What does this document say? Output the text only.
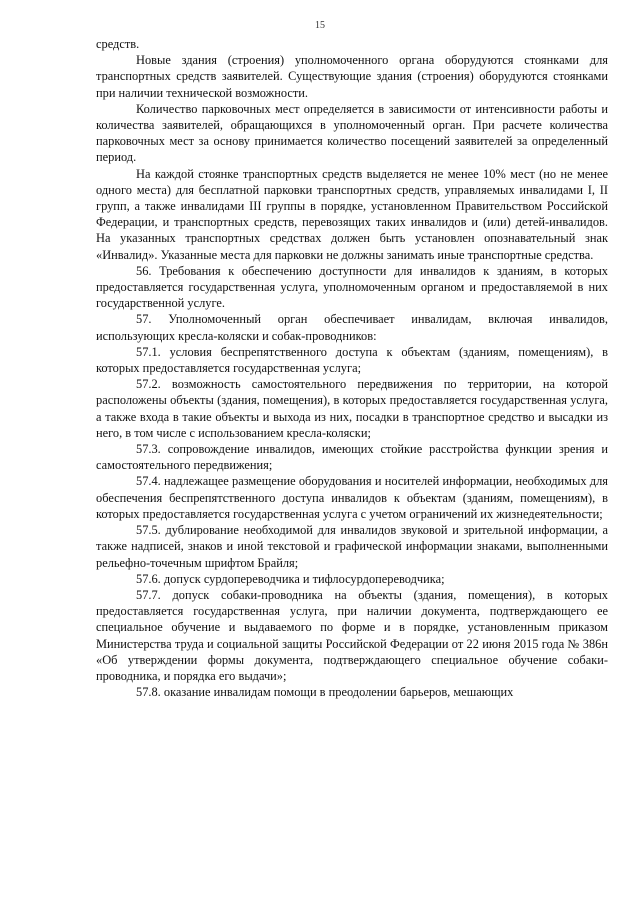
15

средств.

Новые здания (строения) уполномоченного органа оборудуются стоянками для транспортных средств заявителей. Существующие здания (строения) оборудуются стоянками при наличии технической возможности.

Количество парковочных мест определяется в зависимости от интенсивности работы и количества заявителей, обращающихся в уполномоченный орган. При расчете количества парковочных мест за основу принимается количество посещений заявителей за определенный период.

На каждой стоянке транспортных средств выделяется не менее 10% мест (но не менее одного места) для бесплатной парковки транспортных средств, управляемых инвалидами I, II групп, а также инвалидами III группы в порядке, установленном Правительством Российской Федерации, и транспортных средств, перевозящих таких инвалидов и (или) детей-инвалидов. На указанных транспортных средствах должен быть установлен опознавательный знак «Инвалид». Указанные места для парковки не должны занимать иные транспортные средства.

56. Требования к обеспечению доступности для инвалидов к зданиям, в которых предоставляется государственная услуга, уполномоченным органом и предоставляемой в них государственной услуге.

57. Уполномоченный орган обеспечивает инвалидам, включая инвалидов, использующих кресла-коляски и собак-проводников:

57.1. условия беспрепятственного доступа к объектам (зданиям, помещениям), в которых предоставляется государственная услуга;

57.2. возможность самостоятельного передвижения по территории, на которой расположены объекты (здания, помещения), в которых предоставляется государственная услуга, а также входа в такие объекты и выхода из них, посадки в транспортное средство и высадки из него, в том числе с использованием кресла-коляски;

57.3. сопровождение инвалидов, имеющих стойкие расстройства функции зрения и самостоятельного передвижения;

57.4. надлежащее размещение оборудования и носителей информации, необходимых для обеспечения беспрепятственного доступа инвалидов к объектам (зданиям, помещениям), в которых предоставляется государственная услуга с учетом ограничений их жизнедеятельности;

57.5. дублирование необходимой для инвалидов звуковой и зрительной информации, а также надписей, знаков и иной текстовой и графической информации знаками, выполненными рельефно-точечным шрифтом Брайля;

57.6. допуск сурдопереводчика и тифлосурдопереводчика;

57.7. допуск собаки-проводника на объекты (здания, помещения), в которых предоставляется государственная услуга, при наличии документа, подтверждающего ее специальное обучение и выдаваемого по форме и в порядке, установленным приказом Министерства труда и социальной защиты Российской Федерации от 22 июня 2015 года № 386н «Об утверждении формы документа, подтверждающего специальное обучение собаки-проводника, и порядка его выдачи»;

57.8. оказание инвалидам помощи в преодолении барьеров, мешающих
